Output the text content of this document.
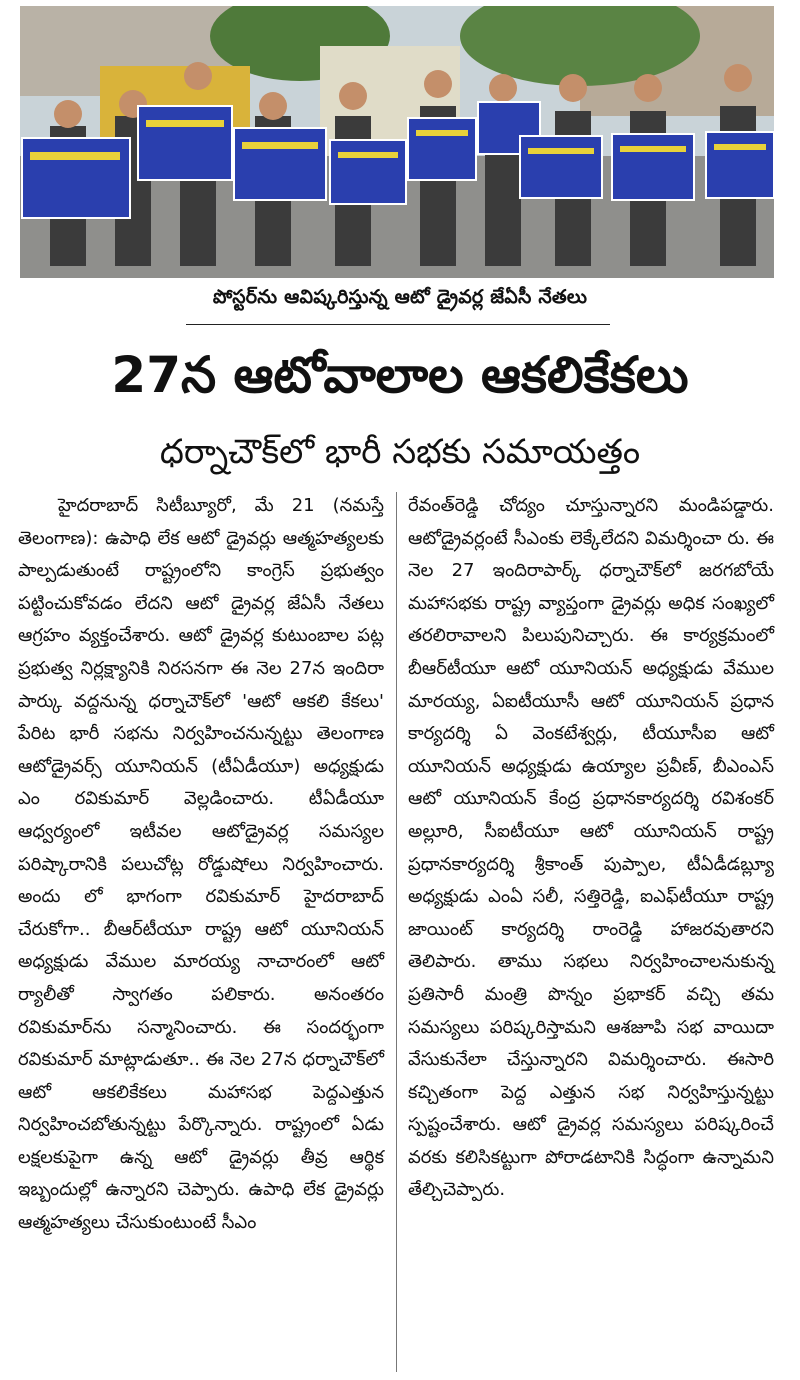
పోస్టర్‌ను ఆవిష్కరిస్తున్న ఆటో డ్రైవర్ల జేఏసీ నేతలు
27న ఆటోవాలాల ఆకలికేకలు
ధర్నాచౌక్‌లో భారీ సభకు సమాయత్తం

హైదరాబాద్ సిటీబ్యూరో, మే 21 (నమస్తే తెలంగాణ): ఉపాధి లేక ఆటో డ్రైవర్లు ఆత్మహత్యలకు పాల్పడుతుంటే రాష్ట్రంలోని కాంగ్రెస్ ప్రభుత్వం పట్టించుకోవడం లేదని ఆటో డ్రైవర్ల జేఏసీ నేతలు ఆగ్రహం వ్యక్తంచేశారు. ఆటో డ్రైవర్ల కుటుంబాల పట్ల ప్రభుత్వ నిర్లక్ష్యానికి నిరసనగా ఈ నెల 27న ఇందిరా పార్కు వద్దనున్న ధర్నాచౌక్‌లో 'ఆటో ఆకలి కేకలు' పేరిట భారీ సభను నిర్వహించనున్నట్టు తెలంగాణ ఆటోడ్రైవర్స్ యూనియన్ (టీఏడీయూ) అధ్యక్షుడు ఎం రవికుమార్ వెల్లడించారు. టీఏడీయూ ఆధ్వర్యంలో ఇటీవల ఆటోడ్రైవర్ల సమస్యల పరిష్కారానికి పలుచోట్ల రోడ్డుషోలు నిర్వహించారు. అందు లో భాగంగా రవికుమార్ హైదరాబాద్ చేరుకోగా.. బీఆర్‌టీయూ రాష్ట్ర ఆటో యూనియన్ అధ్యక్షుడు వేముల మారయ్య నాచారంలో ఆటో ర్యాలీతో స్వాగతం పలికారు. అనంతరం రవికుమార్‌ను సన్మానించారు. ఈ సందర్భంగా రవికుమార్ మాట్లాడుతూ.. ఈ నెల 27న ధర్నాచౌక్‌లో ఆటో ఆకలికేకలు మహాసభ పెద్దఎత్తున నిర్వహించబోతున్నట్టు పేర్కొన్నారు. రాష్ట్రంలో ఏడు లక్షలకుపైగా ఉన్న ఆటో డ్రైవర్లు తీవ్ర ఆర్థిక ఇబ్బందుల్లో ఉన్నారని చెప్పారు. ఉపాధి లేక డ్రైవర్లు ఆత్మహత్యలు చేసుకుంటుంటే సీఎం

రేవంత్‌రెడ్డి చోద్యం చూస్తున్నారని మండిపడ్డారు. ఆటోడ్రైవర్లంటే సీఎంకు లెక్కేలేదని విమర్శించా రు. ఈ నెల 27 ఇందిరాపార్క్ ధర్నాచౌక్‌లో జరగబోయే మహాసభకు రాష్ట్ర వ్యాప్తంగా డ్రైవర్లు అధిక సంఖ్యలో తరలిరావాలని పిలుపునిచ్చారు. ఈ కార్యక్రమంలో బీఆర్‌టీయూ ఆటో యూనియన్ అధ్యక్షుడు వేముల మారయ్య, ఏఐటీయూసీ ఆటో యూనియన్ ప్రధాన కార్యదర్శి ఏ వెంకటేశ్వర్లు, టీయూసీఐ ఆటో యూనియన్ అధ్యక్షుడు ఉయ్యాల ప్రవీణ్, బీఎంఎస్ ఆటో యూనియన్ కేంద్ర ప్రధానకార్యదర్శి రవిశంకర్ అల్లూరి, సీఐటీయూ ఆటో యూనియన్ రాష్ట్ర ప్రధానకార్యదర్శి శ్రీకాంత్ పుప్పాల, టీఏడీడబ్ల్యూ అధ్యక్షుడు ఎంఏ సలీ, సత్తిరెడ్డి, ఐఎఫ్‌టీయూ రాష్ట్ర జాయింట్ కార్యదర్శి రాంరెడ్డి హాజరవుతారని తెలిపారు. తాము సభలు నిర్వహించాలనుకున్న ప్రతిసారీ మంత్రి పొన్నం ప్రభాకర్ వచ్చి తమ సమస్యలు పరిష్కరిస్తామని ఆశజూపి సభ వాయిదా వేసుకునేలా చేస్తున్నారని విమర్శించారు. ఈసారి కచ్చితంగా పెద్ద ఎత్తున సభ నిర్వహిస్తున్నట్టు స్పష్టంచేశారు. ఆటో డ్రైవర్ల సమస్యలు పరిష్కరించే వరకు కలిసికట్టుగా పోరాడటానికి సిద్ధంగా ఉన్నామని తేల్చిచెప్పారు.
